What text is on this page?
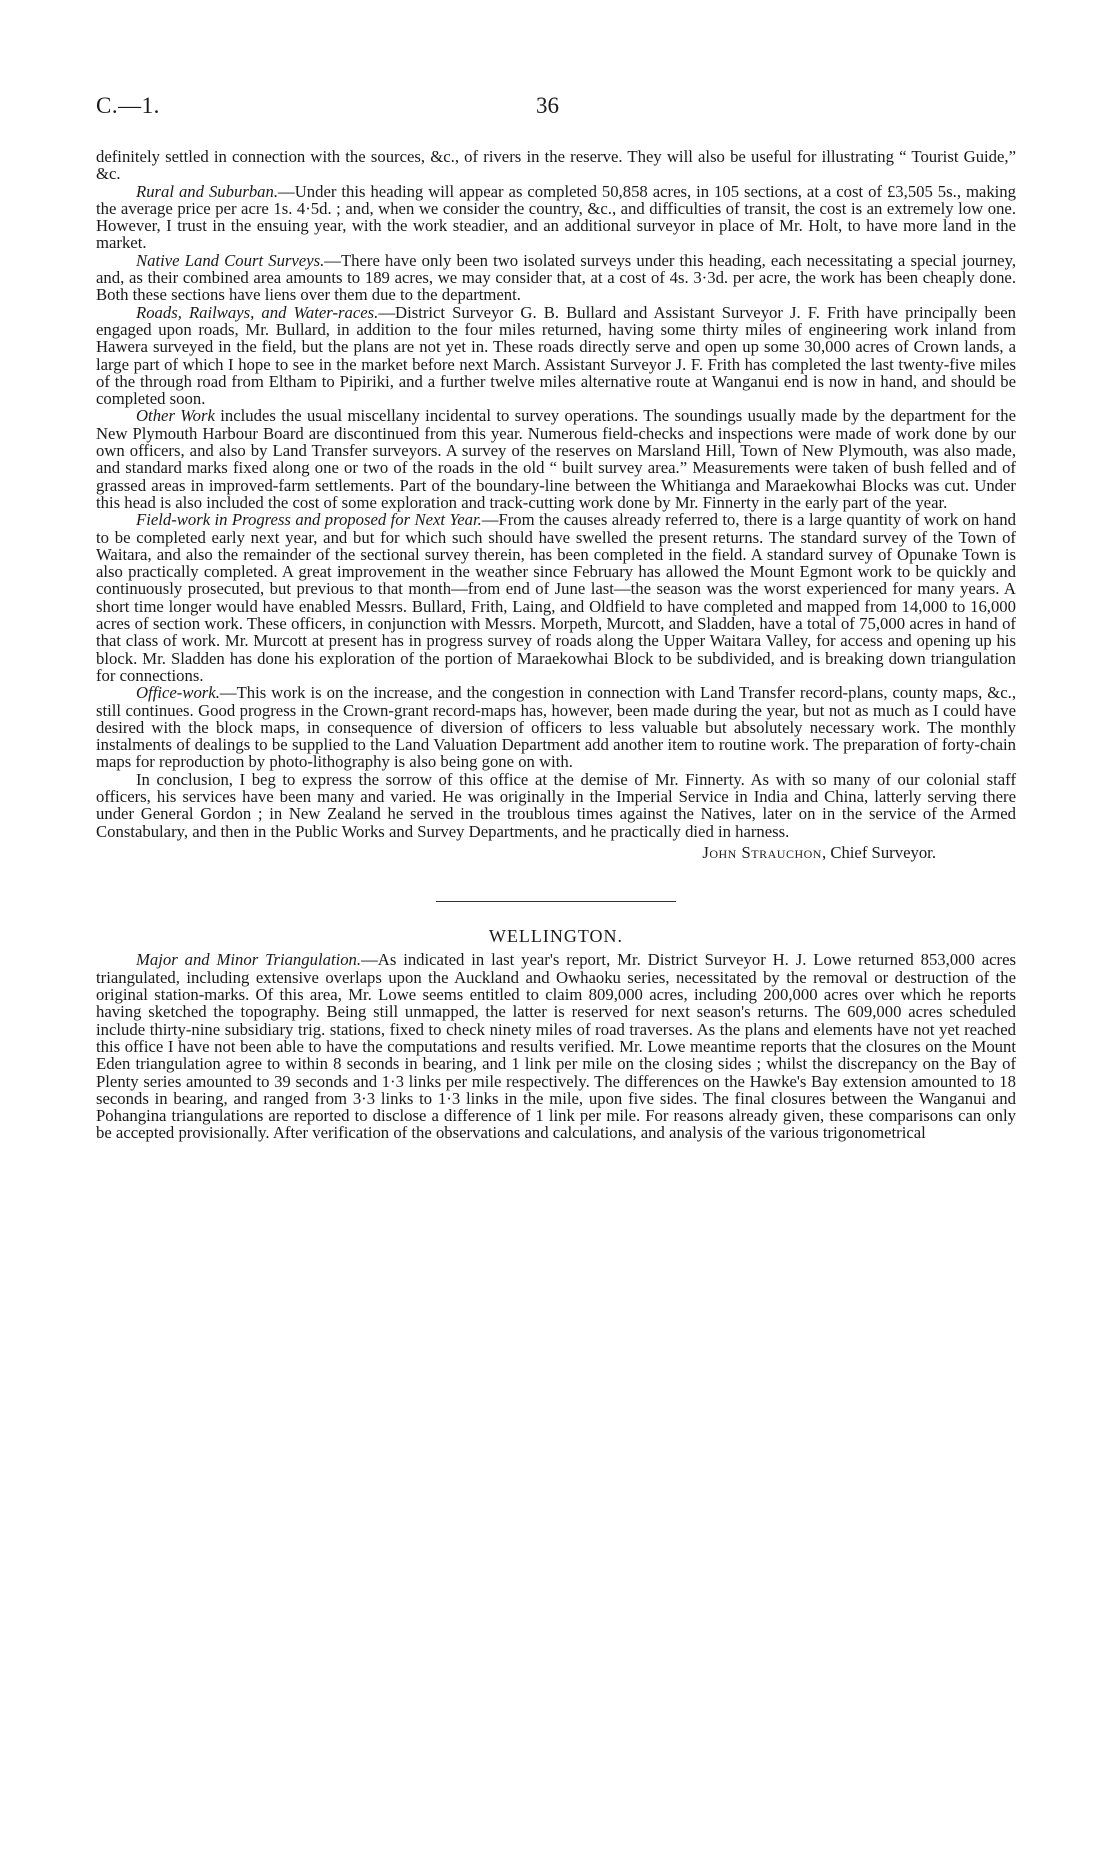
C.—1.	36

definitely settled in connection with the sources, &c., of rivers in the reserve. They will also be useful for illustrating “ Tourist Guide,” &c.

Rural and Suburban.—Under this heading will appear as completed 50,858 acres, in 105 sections, at a cost of £3,505 5s., making the average price per acre 1s. 4·5d. ; and, when we consider the country, &c., and difficulties of transit, the cost is an extremely low one. However, I trust in the ensuing year, with the work steadier, and an additional surveyor in place of Mr. Holt, to have more land in the market.

Native Land Court Surveys.—There have only been two isolated surveys under this heading, each necessitating a special journey, and, as their combined area amounts to 189 acres, we may consider that, at a cost of 4s. 3·3d. per acre, the work has been cheaply done. Both these sections have liens over them due to the department.

Roads, Railways, and Water-races.—District Surveyor G. B. Bullard and Assistant Surveyor J. F. Frith have principally been engaged upon roads, Mr. Bullard, in addition to the four miles returned, having some thirty miles of engineering work inland from Hawera surveyed in the field, but the plans are not yet in. These roads directly serve and open up some 30,000 acres of Crown lands, a large part of which I hope to see in the market before next March. Assistant Surveyor J. F. Frith has completed the last twenty-five miles of the through road from Eltham to Pipiriki, and a further twelve miles alternative route at Wanganui end is now in hand, and should be completed soon.

Other Work includes the usual miscellany incidental to survey operations. The soundings usually made by the department for the New Plymouth Harbour Board are discontinued from this year. Numerous field-checks and inspections were made of work done by our own officers, and also by Land Transfer surveyors. A survey of the reserves on Marsland Hill, Town of New Plymouth, was also made, and standard marks fixed along one or two of the roads in the old “ built survey area.” Measurements were taken of bush felled and of grassed areas in improved-farm settlements. Part of the boundary-line between the Whitianga and Maraekowhai Blocks was cut. Under this head is also included the cost of some exploration and track-cutting work done by Mr. Finnerty in the early part of the year.

Field-work in Progress and proposed for Next Year.—From the causes already referred to, there is a large quantity of work on hand to be completed early next year, and but for which such should have swelled the present returns. The standard survey of the Town of Waitara, and also the remainder of the sectional survey therein, has been completed in the field. A standard survey of Opunake Town is also practically completed. A great improvement in the weather since February has allowed the Mount Egmont work to be quickly and continuously prosecuted, but previous to that month—from end of June last—the season was the worst experienced for many years. A short time longer would have enabled Messrs. Bullard, Frith, Laing, and Oldfield to have completed and mapped from 14,000 to 16,000 acres of section work. These officers, in conjunction with Messrs. Morpeth, Murcott, and Sladden, have a total of 75,000 acres in hand of that class of work. Mr. Murcott at present has in progress survey of roads along the Upper Waitara Valley, for access and opening up his block. Mr. Sladden has done his exploration of the portion of Maraekowhai Block to be subdivided, and is breaking down triangulation for connections.

Office-work.—This work is on the increase, and the congestion in connection with Land Transfer record-plans, county maps, &c., still continues. Good progress in the Crown-grant record-maps has, however, been made during the year, but not as much as I could have desired with the block maps, in consequence of diversion of officers to less valuable but absolutely necessary work. The monthly instalments of dealings to be supplied to the Land Valuation Department add another item to routine work. The preparation of forty-chain maps for reproduction by photo-lithography is also being gone on with.

In conclusion, I beg to express the sorrow of this office at the demise of Mr. Finnerty. As with so many of our colonial staff officers, his services have been many and varied. He was originally in the Imperial Service in India and China, latterly serving there under General Gordon ; in New Zealand he served in the troublous times against the Natives, later on in the service of the Armed Constabulary, and then in the Public Works and Survey Departments, and he practically died in harness.

John Strauchon, Chief Surveyor.
WELLINGTON.

Major and Minor Triangulation.—As indicated in last year's report, Mr. District Surveyor H. J. Lowe returned 853,000 acres triangulated, including extensive overlaps upon the Auckland and Owhaoku series, necessitated by the removal or destruction of the original station-marks. Of this area, Mr. Lowe seems entitled to claim 809,000 acres, including 200,000 acres over which he reports having sketched the topography. Being still unmapped, the latter is reserved for next season's returns. The 609,000 acres scheduled include thirty-nine subsidiary trig. stations, fixed to check ninety miles of road traverses. As the plans and elements have not yet reached this office I have not been able to have the computations and results verified. Mr. Lowe meantime reports that the closures on the Mount Eden triangulation agree to within 8 seconds in bearing, and 1 link per mile on the closing sides ; whilst the discrepancy on the Bay of Plenty series amounted to 39 seconds and 1·3 links per mile respectively. The differences on the Hawke's Bay extension amounted to 18 seconds in bearing, and ranged from 3·3 links to 1·3 links in the mile, upon five sides. The final closures between the Wanganui and Pohangina triangulations are reported to disclose a difference of 1 link per mile. For reasons already given, these comparisons can only be accepted provisionally. After verification of the observations and calculations, and analysis of the various trigonometrical
